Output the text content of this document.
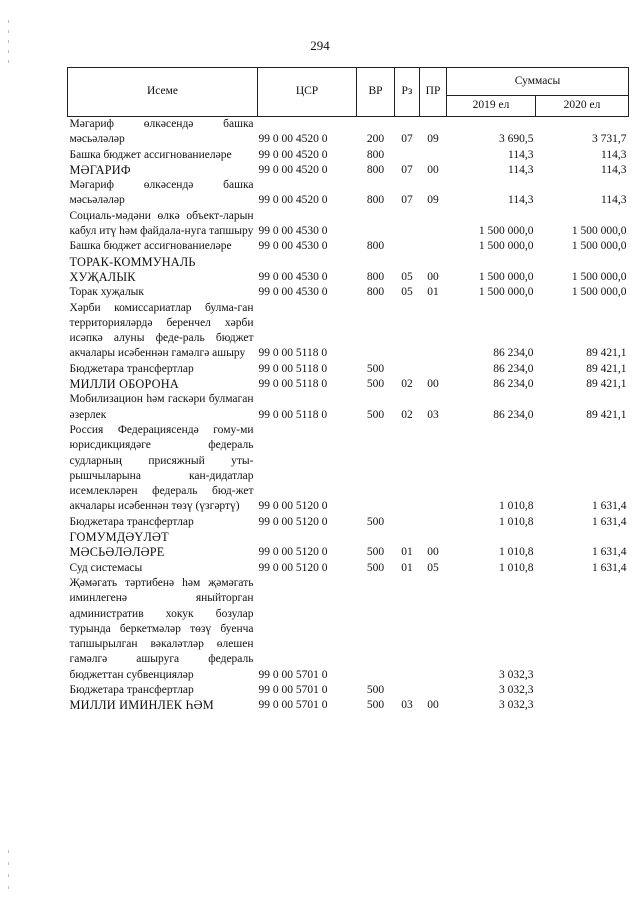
294
Исеме	ЦСР	ВР	Рз	ПР	Суммасы	
					2019 ел	2020 ел
Мәгариф өлкәсендә башка мәсьәләләр	99 0 00 4520 0	200	07	09	3 690,5	3 731,7
Башка бюджет ассигнованиеләре	99 0 00 4520 0	800			114,3	114,3
МӘГАРИФ	99 0 00 4520 0	800	07	00	114,3	114,3
Мәгариф өлкәсендә башка мәсьәләләр	99 0 00 4520 0	800	07	09	114,3	114,3
Социаль-мәдәни өлкә объект-ларын кабул итү һәм файдала-нуга тапшыру	99 0 00 4530 0				1 500 000,0	1 500 000,0
Башка бюджет ассигнованиеләре	99 0 00 4530 0	800			1 500 000,0	1 500 000,0
ТОРАК-КОММУНАЛЬ ХУҖАЛЫК	99 0 00 4530 0	800	05	00	1 500 000,0	1 500 000,0
Торак хуҗалык	99 0 00 4530 0	800	05	01	1 500 000,0	1 500 000,0
Хәрби комиссариатлар булма-ган территорияләрдә беренчел хәрби исәпкә алуны феде-раль бюджет акчалары исәбеннән гамәлгә ашыру	99 0 00 5118 0				86 234,0	89 421,1
Бюджетара трансфертлар	99 0 00 5118 0	500			86 234,0	89 421,1
МИЛЛИ ОБОРОНА	99 0 00 5118 0	500	02	00	86 234,0	89 421,1
Мобилизацион һәм гаскәри булмаган әзерлек	99 0 00 5118 0	500	02	03	86 234,0	89 421,1
Россия Федерациясендә гому-ми юрисдикциядәге федераль судларның присяжный уты-рышчыларына кан-дидатлар исемлекләрен федераль бюд-жет акчалары исәбеннән төзү (үзгәртү)	99 0 00 5120 0				1 010,8	1 631,4
Бюджетара трансфертлар	99 0 00 5120 0	500			1 010,8	1 631,4
ГОМУМДӘҮЛӘТ МӘСЬӘЛӘЛӘРЕ	99 0 00 5120 0	500	01	00	1 010,8	1 631,4
Суд системасы	99 0 00 5120 0	500	01	05	1 010,8	1 631,4
Җәмәгать тәртибенә һәм җәмәгать иминлегенә яныйторган административ хокук бозулар турында беркетмәләр төзү буенча тапшырылган вәкаләтләр өлешен гамәлгә ашыруга федераль бюджеттан субвенцияләр	99 0 00 5701 0				3 032,3	
Бюджетара трансфертлар	99 0 00 5701 0	500			3 032,3	
МИЛЛИ ИМИНЛЕК ҺӘМ	99 0 00 5701 0	500	03	00	3 032,3	
